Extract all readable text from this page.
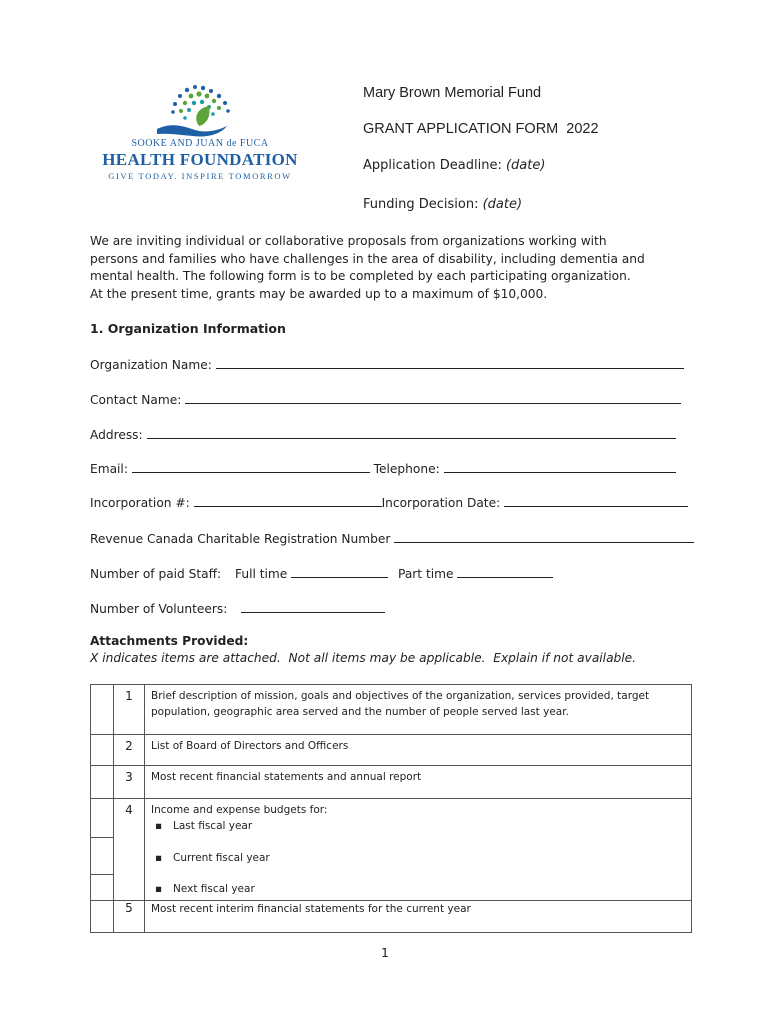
SOOKE AND JUAN de FUCA
HEALTH FOUNDATION
GIVE TODAY. INSPIRE TOMORROW
Mary Brown Memorial Fund
GRANT APPLICATION FORM  2022
Application Deadline: (date)
Funding Decision: (date)
We are inviting individual or collaborative proposals from organizations working with persons and families who have challenges in the area of disability, including dementia and mental health. The following form is to be completed by each participating organization.
At the present time, grants may be awarded up to a maximum of $10,000.
1. Organization Information
Organization Name:
Contact Name:
Address:
Email:	Telephone:
Incorporation #:	Incorporation Date:
Revenue Canada Charitable Registration Number
Number of paid Staff: Full time	Part time
Number of Volunteers:
Attachments Provided:
X indicates items are attached.  Not all items may be applicable.  Explain if not available.
	1	Brief description of mission, goals and objectives of the organization, services provided, target population, geographic area served and the number of people served last year.
	2	List of Board of Directors and Officers
	3	Most recent financial statements and annual report
	4	Income and expense budgets for:
▪ Last fiscal year
▪ Current fiscal year
▪ Next fiscal year

	5	Most recent interim financial statements for the current year
1
